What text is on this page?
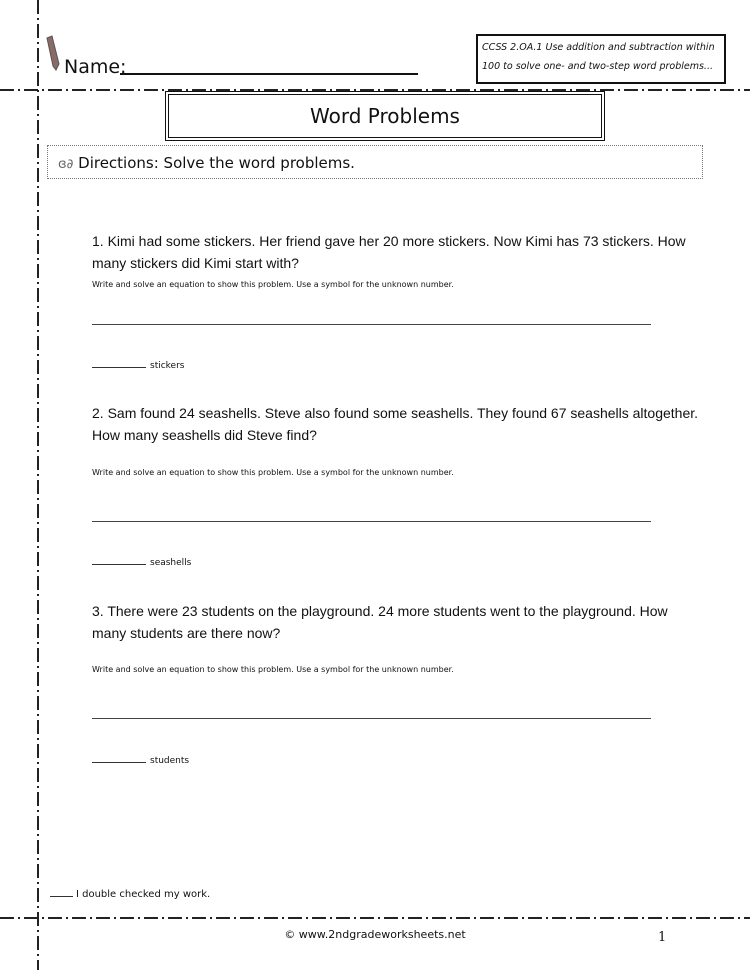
Name:
CCSS 2.OA.1 Use addition and subtraction within 100 to solve one- and two-step word problems...
Word Problems
ɞ∂ Directions: Solve the word problems.
1. Kimi had some stickers. Her friend gave her 20 more stickers. Now Kimi has 73 stickers. How many stickers did Kimi start with?
Write and solve an equation to show this problem. Use a symbol for the unknown number.
stickers
2. Sam found 24 seashells. Steve also found some seashells. They found 67 seashells altogether. How many seashells did Steve find?
Write and solve an equation to show this problem. Use a symbol for the unknown number.
seashells
3. There were 23 students on the playground. 24 more students went to the playground. How many students are there now?
Write and solve an equation to show this problem. Use a symbol for the unknown number.
students
I double checked my work.
© www.2ndgradeworksheets.net	1
